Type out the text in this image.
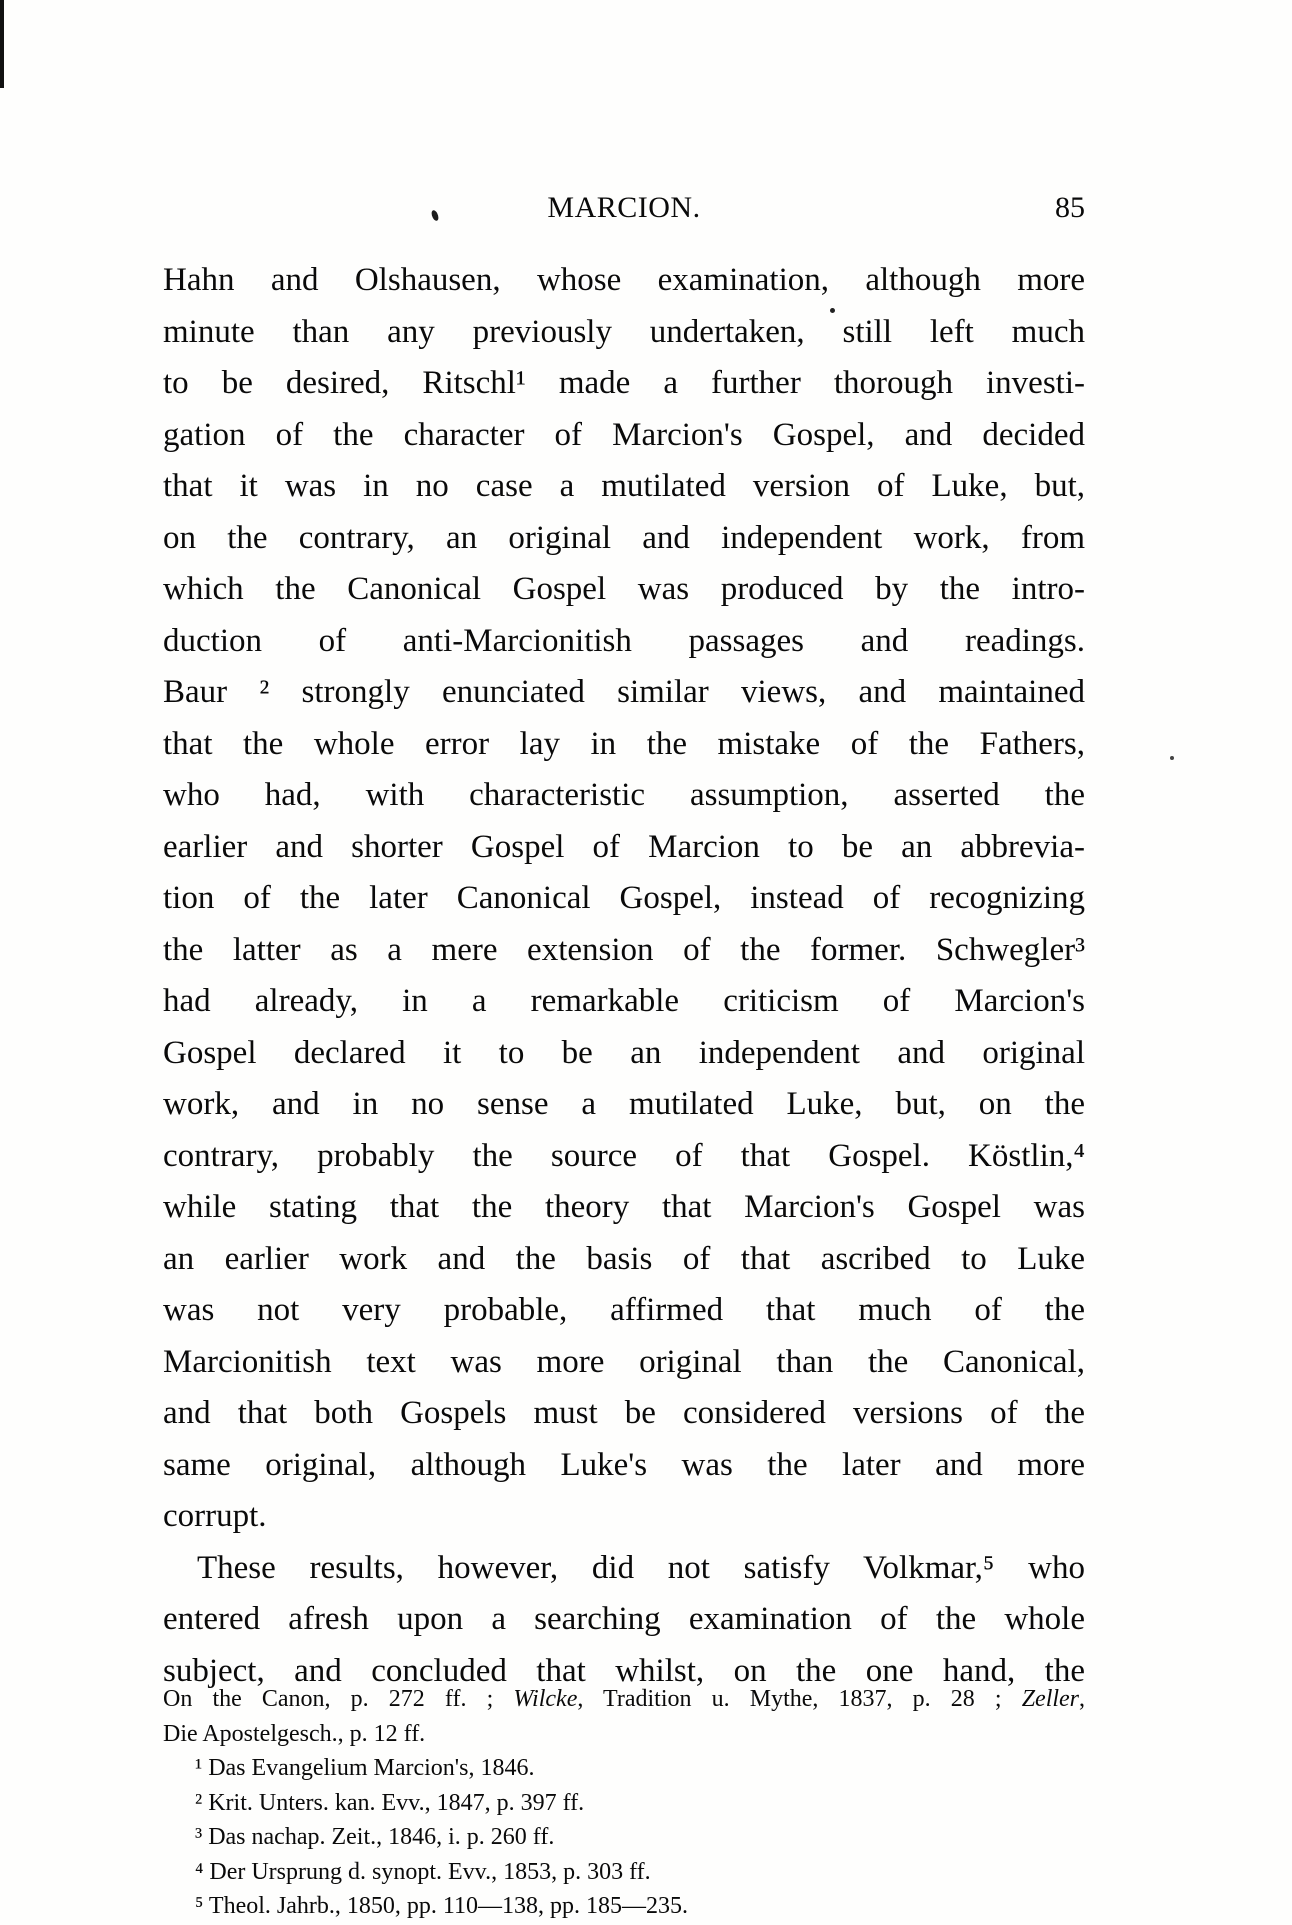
MARCION.	85
Hahn and Olshausen, whose examination, although more
minute than any previously undertaken, still left much
to be desired, Ritschl¹ made a further thorough investi-
gation of the character of Marcion's Gospel, and decided
that it was in no case a mutilated version of Luke, but,
on the contrary, an original and independent work, from
which the Canonical Gospel was produced by the intro-
duction of anti-Marcionitish passages and readings.
Baur ² strongly enunciated similar views, and maintained
that the whole error lay in the mistake of the Fathers,
who had, with characteristic assumption, asserted the
earlier and shorter Gospel of Marcion to be an abbrevia-
tion of the later Canonical Gospel, instead of recognizing
the latter as a mere extension of the former. Schwegler³
had already, in a remarkable criticism of Marcion's
Gospel declared it to be an independent and original
work, and in no sense a mutilated Luke, but, on the
contrary, probably the source of that Gospel. Köstlin,⁴
while stating that the theory that Marcion's Gospel was
an earlier work and the basis of that ascribed to Luke
was not very probable, affirmed that much of the
Marcionitish text was more original than the Canonical,
and that both Gospels must be considered versions of the
same original, although Luke's was the later and more
corrupt.
These results, however, did not satisfy Volkmar,⁵ who
entered afresh upon a searching examination of the whole
subject, and concluded that whilst, on the one hand, the
On the Canon, p. 272 ff. ; Wilcke, Tradition u. Mythe, 1837, p. 28 ; Zeller,
Die Apostelgesch., p. 12 ff.
¹ Das Evangelium Marcion's, 1846.
² Krit. Unters. kan. Evv., 1847, p. 397 ff.
³ Das nachap. Zeit., 1846, i. p. 260 ff.
⁴ Der Ursprung d. synopt. Evv., 1853, p. 303 ff.
⁵ Theol. Jahrb., 1850, pp. 110—138, pp. 185—235.
